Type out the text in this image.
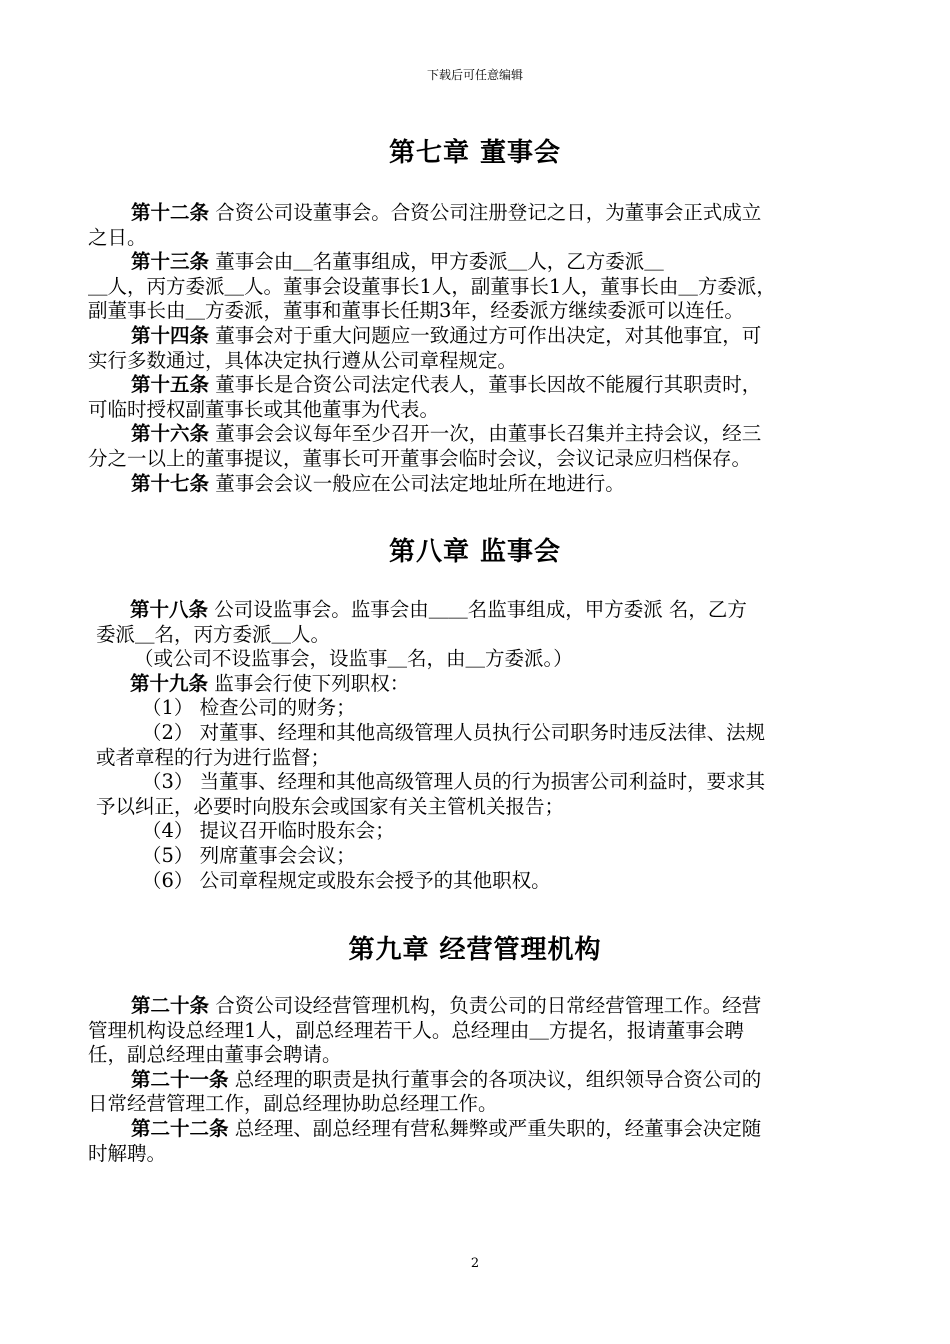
下载后可任意编辑
第七章 董事会

第十二条 合资公司设董事会。合资公司注册登记之日，为董事会正式成立

之日。

第十三条 董事会由＿名董事组成，甲方委派＿人，乙方委派＿

＿人，丙方委派＿人。董事会设董事长1人，副董事长1人，董事长由＿方委派，

副董事长由＿方委派，董事和董事长任期3年，经委派方继续委派可以连任。

第十四条 董事会对于重大问题应一致通过方可作出决定，对其他事宜，可

实行多数通过，具体决定执行遵从公司章程规定。

第十五条 董事长是合资公司法定代表人，董事长因故不能履行其职责时，

可临时授权副董事长或其他董事为代表。

第十六条 董事会会议每年至少召开一次，由董事长召集并主持会议，经三

分之一以上的董事提议，董事长可开董事会临时会议，会议记录应归档保存。

第十七条 董事会会议一般应在公司法定地址所在地进行。

第八章 监事会

第十八条 公司设监事会。监事会由＿＿名监事组成，甲方委派 名，乙方

委派＿名，丙方委派＿人。

（或公司不设监事会，设监事＿名，由＿方委派。）

第十九条 监事会行使下列职权：

（1） 检查公司的财务；

（2） 对董事、经理和其他高级管理人员执行公司职务时违反法律、法规

或者章程的行为进行监督；

（3） 当董事、经理和其他高级管理人员的行为损害公司利益时，要求其

予以纠正，必要时向股东会或国家有关主管机关报告；

（4） 提议召开临时股东会；

（5） 列席董事会会议；

（6） 公司章程规定或股东会授予的其他职权。

第九章 经营管理机构

第二十条 合资公司设经营管理机构，负责公司的日常经营管理工作。经营

管理机构设总经理1人，副总经理若干人。总经理由＿方提名，报请董事会聘

任，副总经理由董事会聘请。

第二十一条 总经理的职责是执行董事会的各项决议，组织领导合资公司的

日常经营管理工作，副总经理协助总经理工作。

第二十二条 总经理、副总经理有营私舞弊或严重失职的，经董事会决定随

时解聘。

2
